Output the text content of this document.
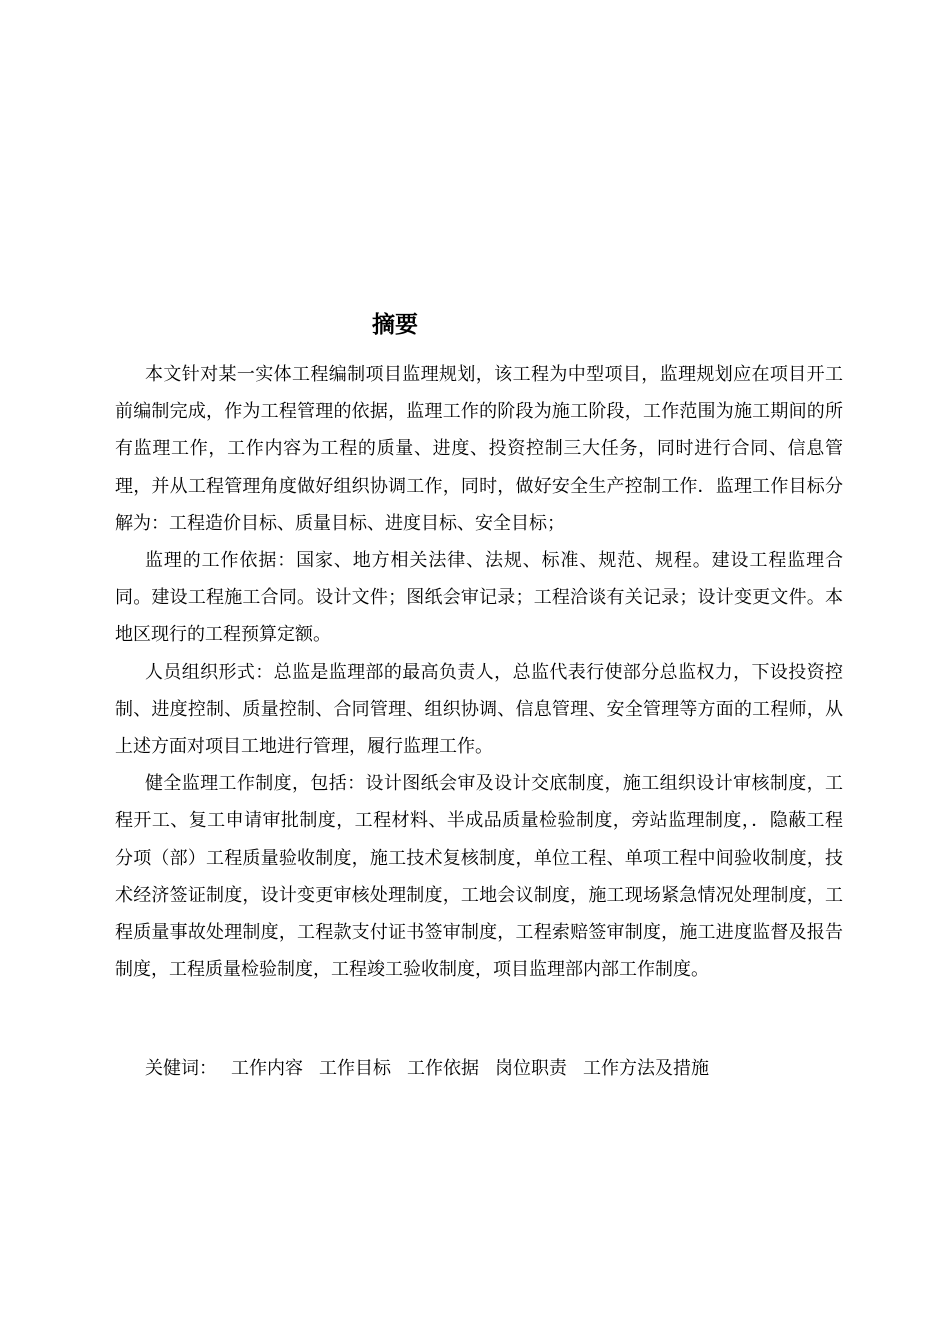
摘要

本文针对某一实体工程编制项目监理规划，该工程为中型项目，监理规划应在项目开工前编制完成，作为工程管理的依据，监理工作的阶段为施工阶段，工作范围为施工期间的所有监理工作，工作内容为工程的质量、进度、投资控制三大任务，同时进行合同、信息管理，并从工程管理角度做好组织协调工作，同时，做好安全生产控制工作．监理工作目标分解为：工程造价目标、质量目标、进度目标、安全目标；

监理的工作依据：国家、地方相关法律、法规、标准、规范、规程。建设工程监理合同。建设工程施工合同。设计文件；图纸会审记录；工程洽谈有关记录；设计变更文件。本地区现行的工程预算定额。

人员组织形式：总监是监理部的最高负责人，总监代表行使部分总监权力，下设投资控制、进度控制、质量控制、合同管理、组织协调、信息管理、安全管理等方面的工程师，从上述方面对项目工地进行管理，履行监理工作。

健全监理工作制度，包括：设计图纸会审及设计交底制度，施工组织设计审核制度，工程开工、复工申请审批制度，工程材料、半成品质量检验制度，旁站监理制度，．隐蔽工程分项（部）工程质量验收制度，施工技术复核制度，单位工程、单项工程中间验收制度，技术经济签证制度，设计变更审核处理制度，工地会议制度，施工现场紧急情况处理制度，工程质量事故处理制度，工程款支付证书签审制度，工程索赔签审制度，施工进度监督及报告制度，工程质量检验制度，工程竣工验收制度，项目监理部内部工作制度。

关健词： 工作内容 工作目标 工作依据 岗位职责 工作方法及措施
